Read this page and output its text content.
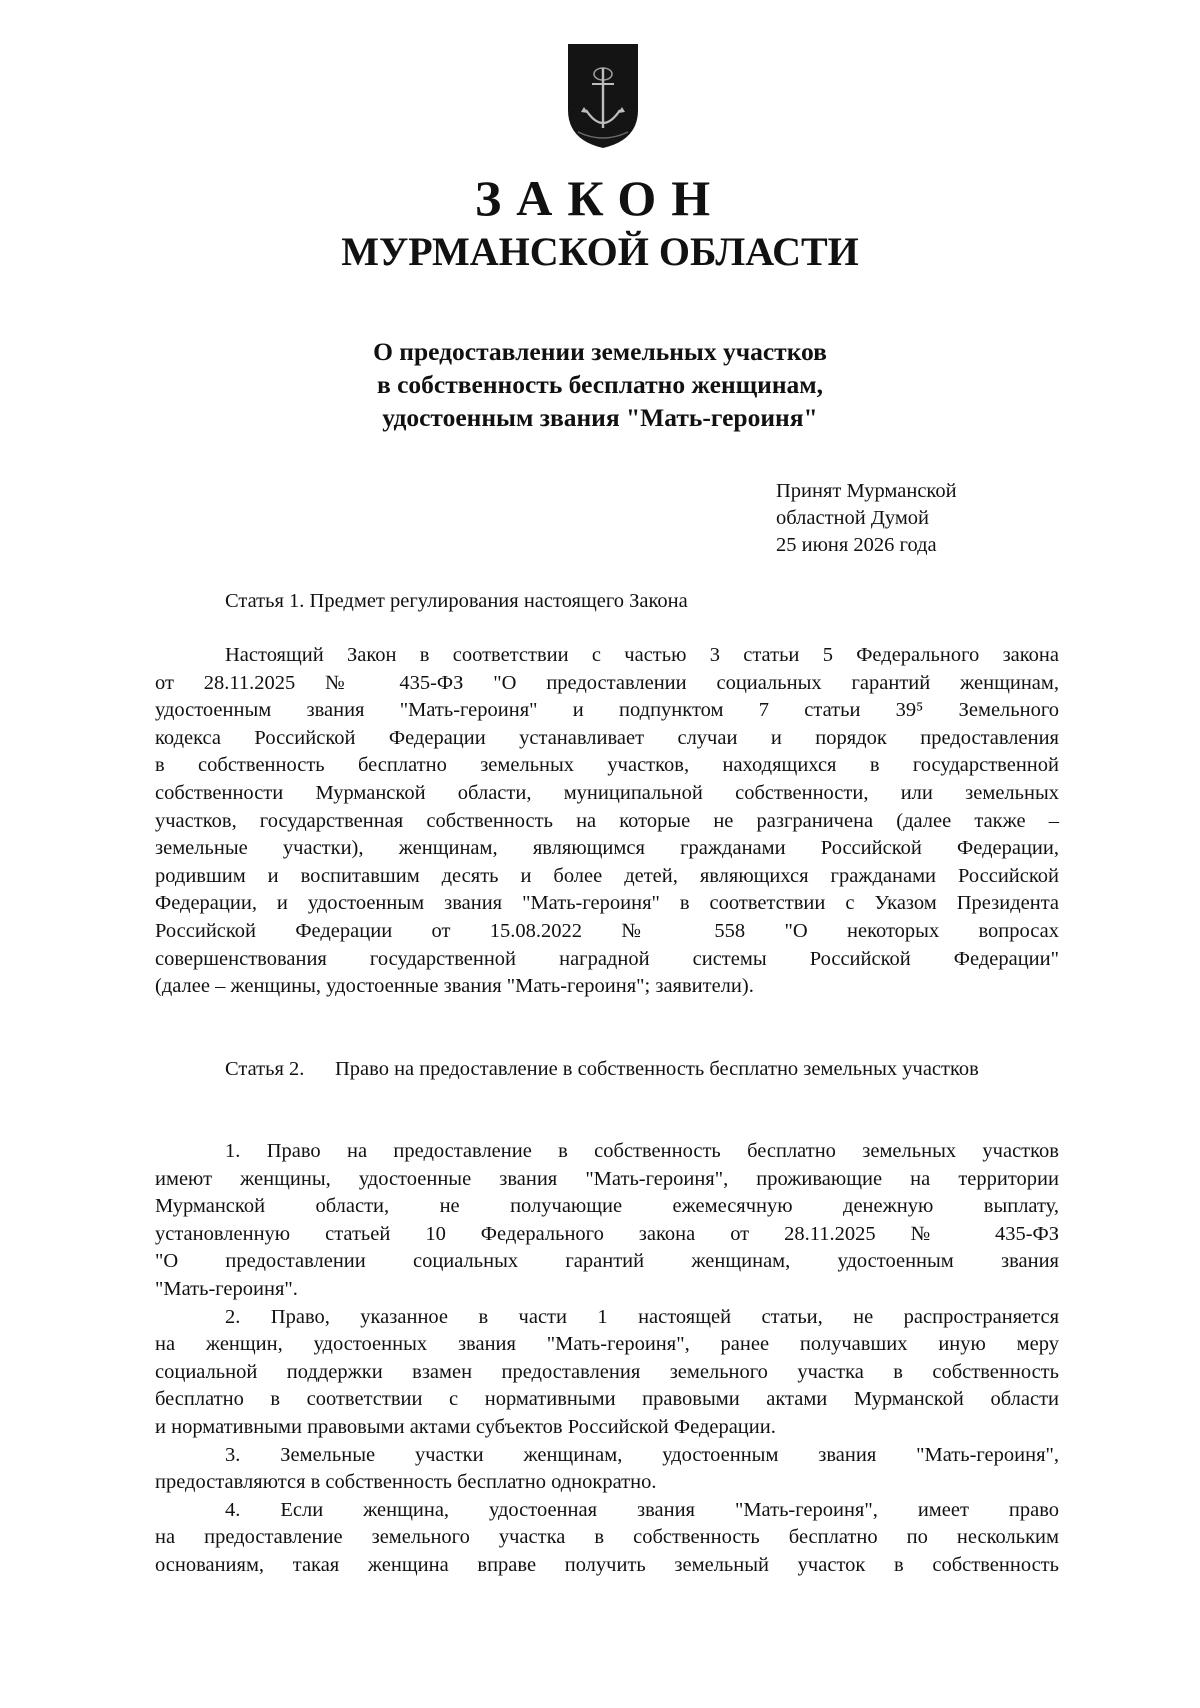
ЗАКОН
МУРМАНСКОЙ ОБЛАСТИ
О предоставлении земельных участков
в собственность бесплатно женщинам,
удостоенным звания "Мать-героиня"
Принят Мурманской
областной Думой
25 июня 2026 года
Статья 1. Предмет регулирования настоящего Закона
Настоящий Закон в соответствии с частью 3 статьи 5 Федерального закона
от 28.11.2025 № 435-ФЗ "О предоставлении социальных гарантий женщинам,
удостоенным звания "Мать-героиня" и подпунктом 7 статьи 39⁵ Земельного
кодекса Российской Федерации устанавливает случаи и порядок предоставления
в собственность бесплатно земельных участков, находящихся в государственной
собственности Мурманской области, муниципальной собственности, или земельных
участков, государственная собственность на которые не разграничена (далее также –
земельные участки), женщинам, являющимся гражданами Российской Федерации,
родившим и воспитавшим десять и более детей, являющихся гражданами Российской
Федерации, и удостоенным звания "Мать-героиня" в соответствии с Указом Президента
Российской Федерации от 15.08.2022 № 558 "О некоторых вопросах
совершенствования государственной наградной системы Российской Федерации"
(далее – женщины, удостоенные звания "Мать-героиня"; заявители).
Статья 2.	Право на предоставление в собственность бесплатно земельных участков
1. Право на предоставление в собственность бесплатно земельных участков
имеют женщины, удостоенные звания "Мать-героиня", проживающие на территории
Мурманской области, не получающие ежемесячную денежную выплату,
установленную статьей 10 Федерального закона от 28.11.2025 № 435-ФЗ
"О предоставлении социальных гарантий женщинам, удостоенным звания
"Мать-героиня".
2. Право, указанное в части 1 настоящей статьи, не распространяется
на женщин, удостоенных звания "Мать-героиня", ранее получавших иную меру
социальной поддержки взамен предоставления земельного участка в собственность
бесплатно в соответствии с нормативными правовыми актами Мурманской области
и нормативными правовыми актами субъектов Российской Федерации.
3. Земельные участки женщинам, удостоенным звания "Мать-героиня",
предоставляются в собственность бесплатно однократно.
4. Если женщина, удостоенная звания "Мать-героиня", имеет право
на предоставление земельного участка в собственность бесплатно по нескольким
основаниям, такая женщина вправе получить земельный участок в собственность
